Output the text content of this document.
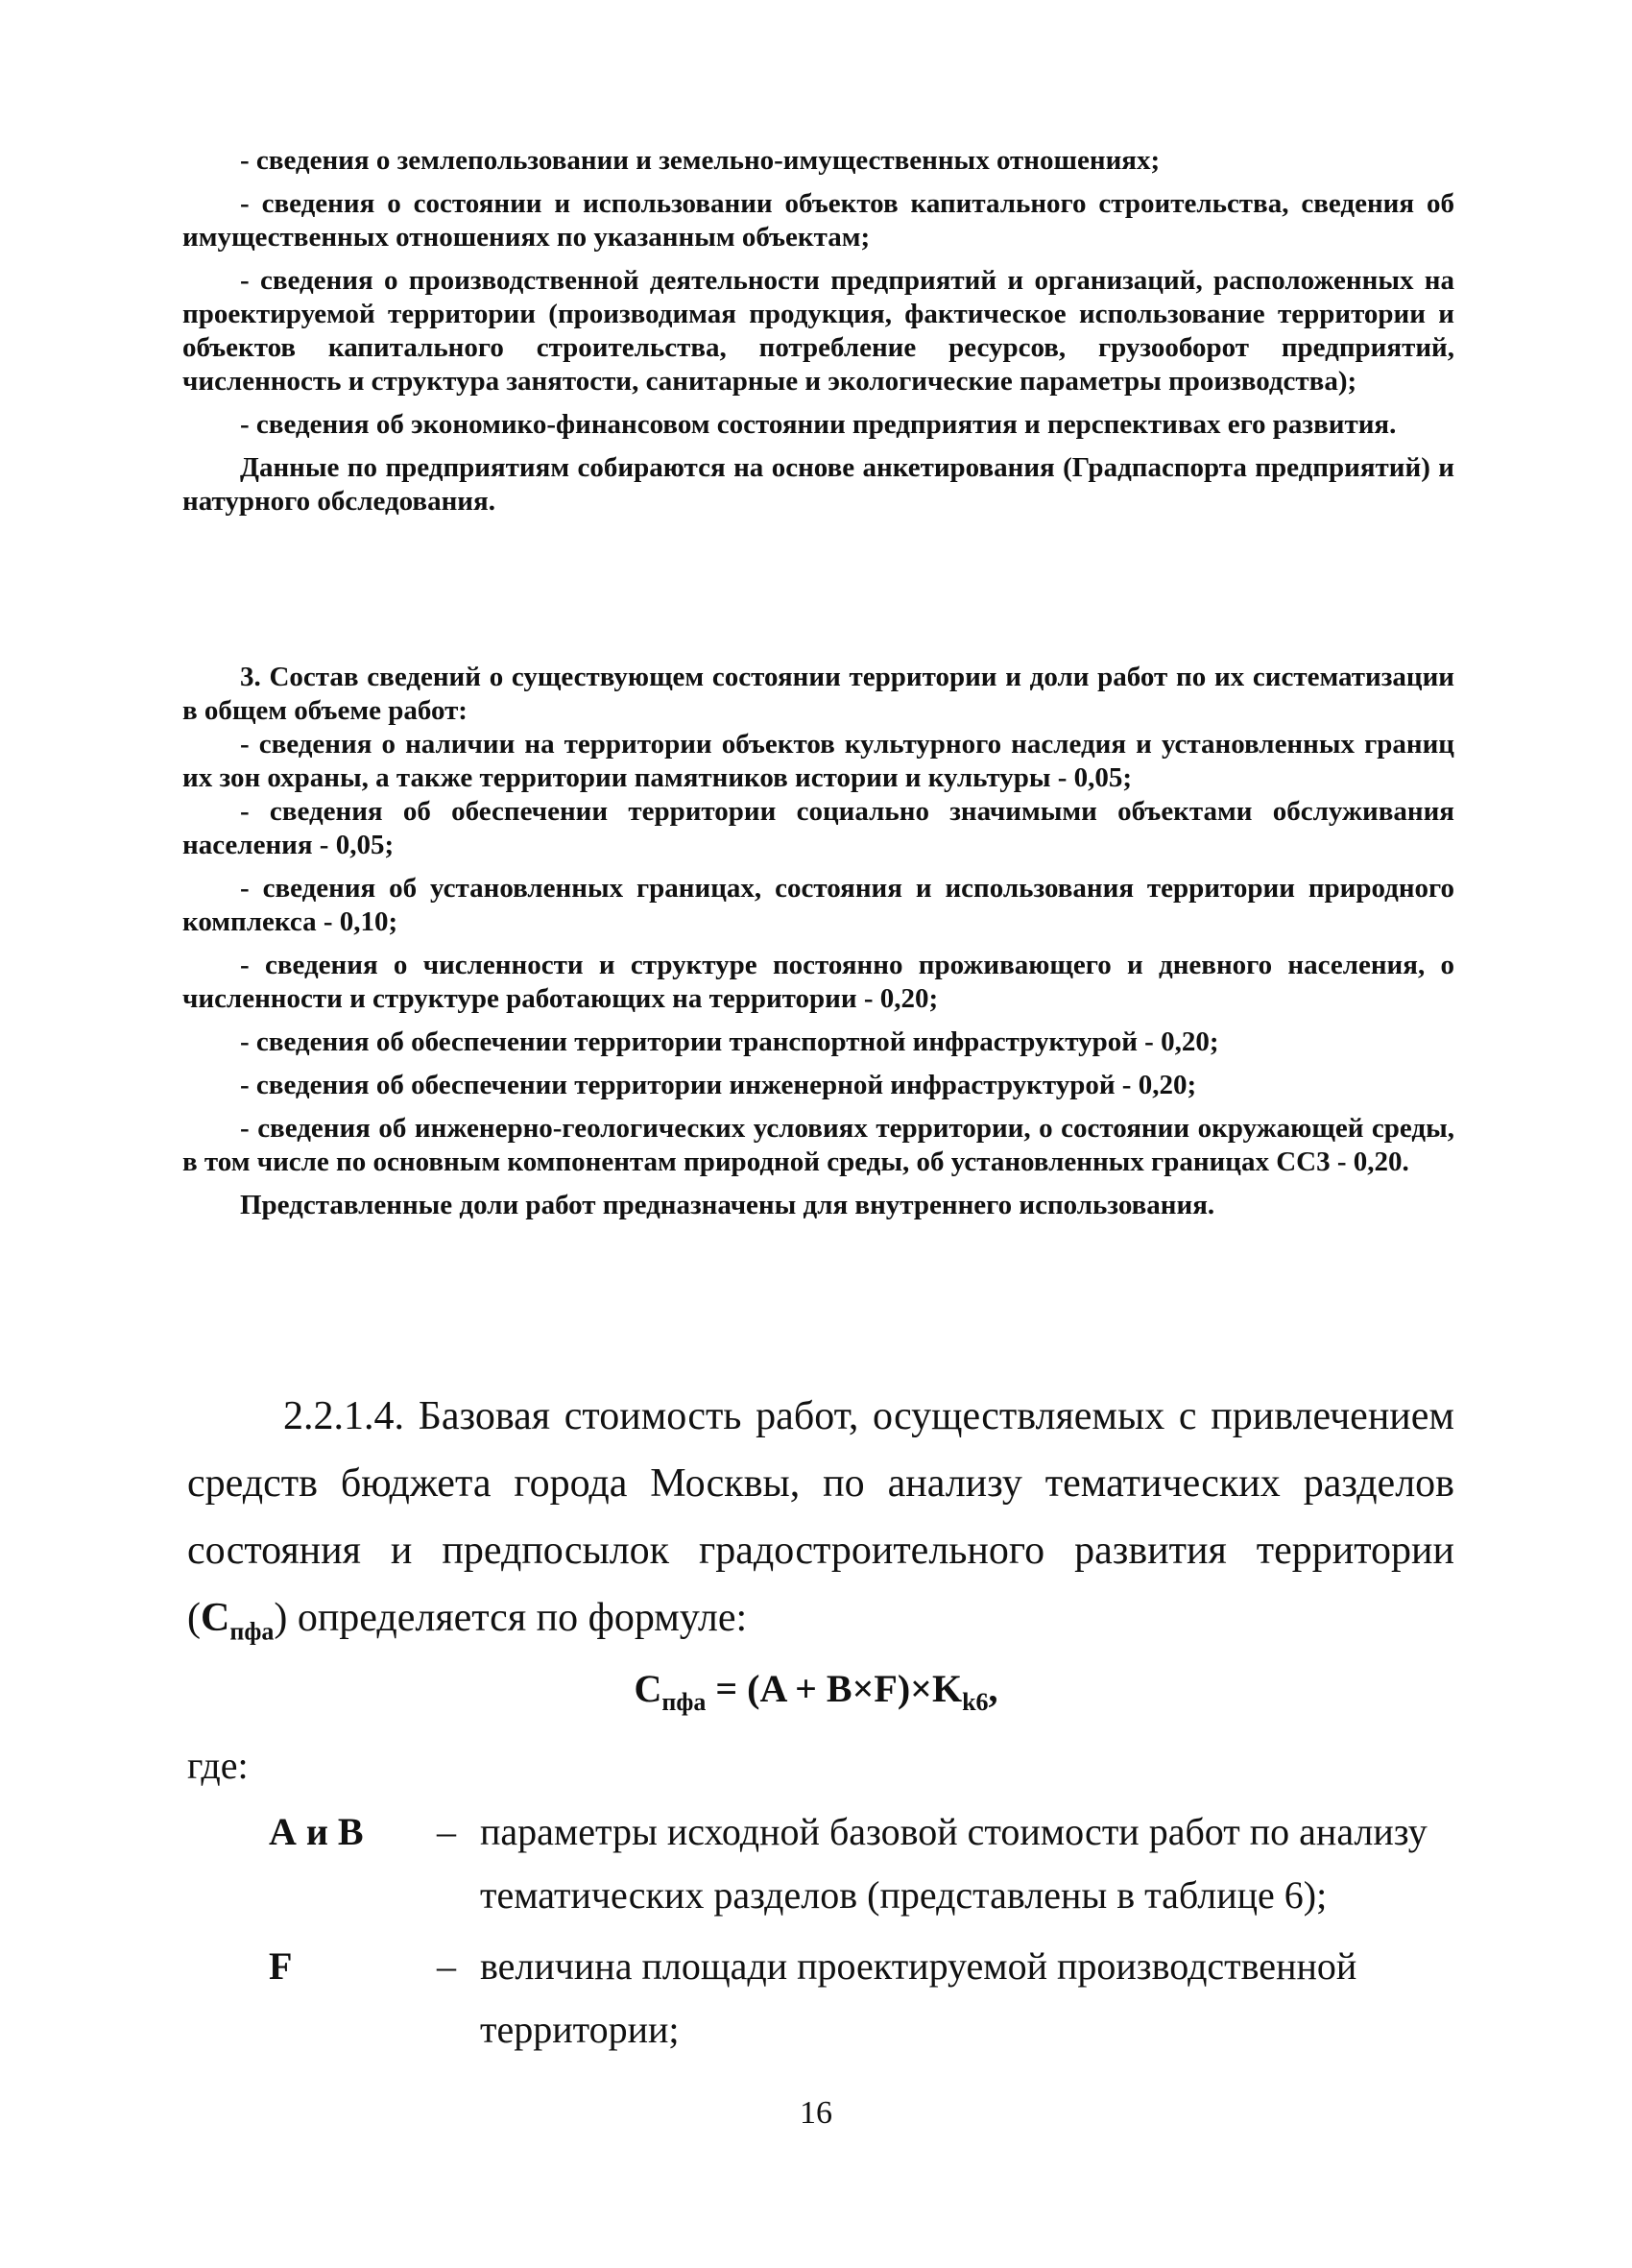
- сведения о землепользовании и земельно-имущественных отношениях;

- сведения о состоянии и использовании объектов капитального строительства, сведения об имущественных отношениях по указанным объектам;

- сведения о производственной деятельности предприятий и организаций, расположенных на проектируемой территории (производимая продукция, фактическое использование территории и объектов капитального строительства, потребление ресурсов, грузооборот предприятий, численность и структура занятости, санитарные и экологические параметры производства);

- сведения об экономико-финансовом состоянии предприятия и перспективах его развития.

Данные по предприятиям собираются на основе анкетирования (Градпаспорта предприятий) и натурного обследования.

3. Состав сведений о существующем состоянии территории и доли работ по их систематизации в общем объеме работ:

- сведения о наличии на территории объектов культурного наследия и установленных границ их зон охраны, а также территории памятников истории и культуры - 0,05;

- сведения об обеспечении территории социально значимыми объектами обслуживания населения - 0,05;

- сведения об установленных границах, состояния и использования территории природного комплекса - 0,10;

- сведения о численности и структуре постоянно проживающего и дневного населения, о численности и структуре работающих на территории - 0,20;

- сведения об обеспечении территории транспортной инфраструктурой - 0,20;

- сведения об обеспечении территории инженерной инфраструктурой - 0,20;

- сведения об инженерно-геологических условиях территории, о состоянии окружающей среды, в том числе по основным компонентам природной среды, об установленных границах СС3 - 0,20.

Представленные доли работ предназначены для внутреннего использования.

2.2.1.4. Базовая стоимость работ, осуществляемых с привлечением средств бюджета города Москвы, по анализу тематических разделов состояния и предпосылок градостроительного развития территории $(С_{пфа})$ определяется по формуле:

$С_{пфа} = (A + B\times F)\times K_{k6}$,
где:
А и В	– параметры исходной базовой стоимости работ по анализу тематических разделов (представлены в таблице 6);
F	– величина площади проектируемой производственной территории;
16
